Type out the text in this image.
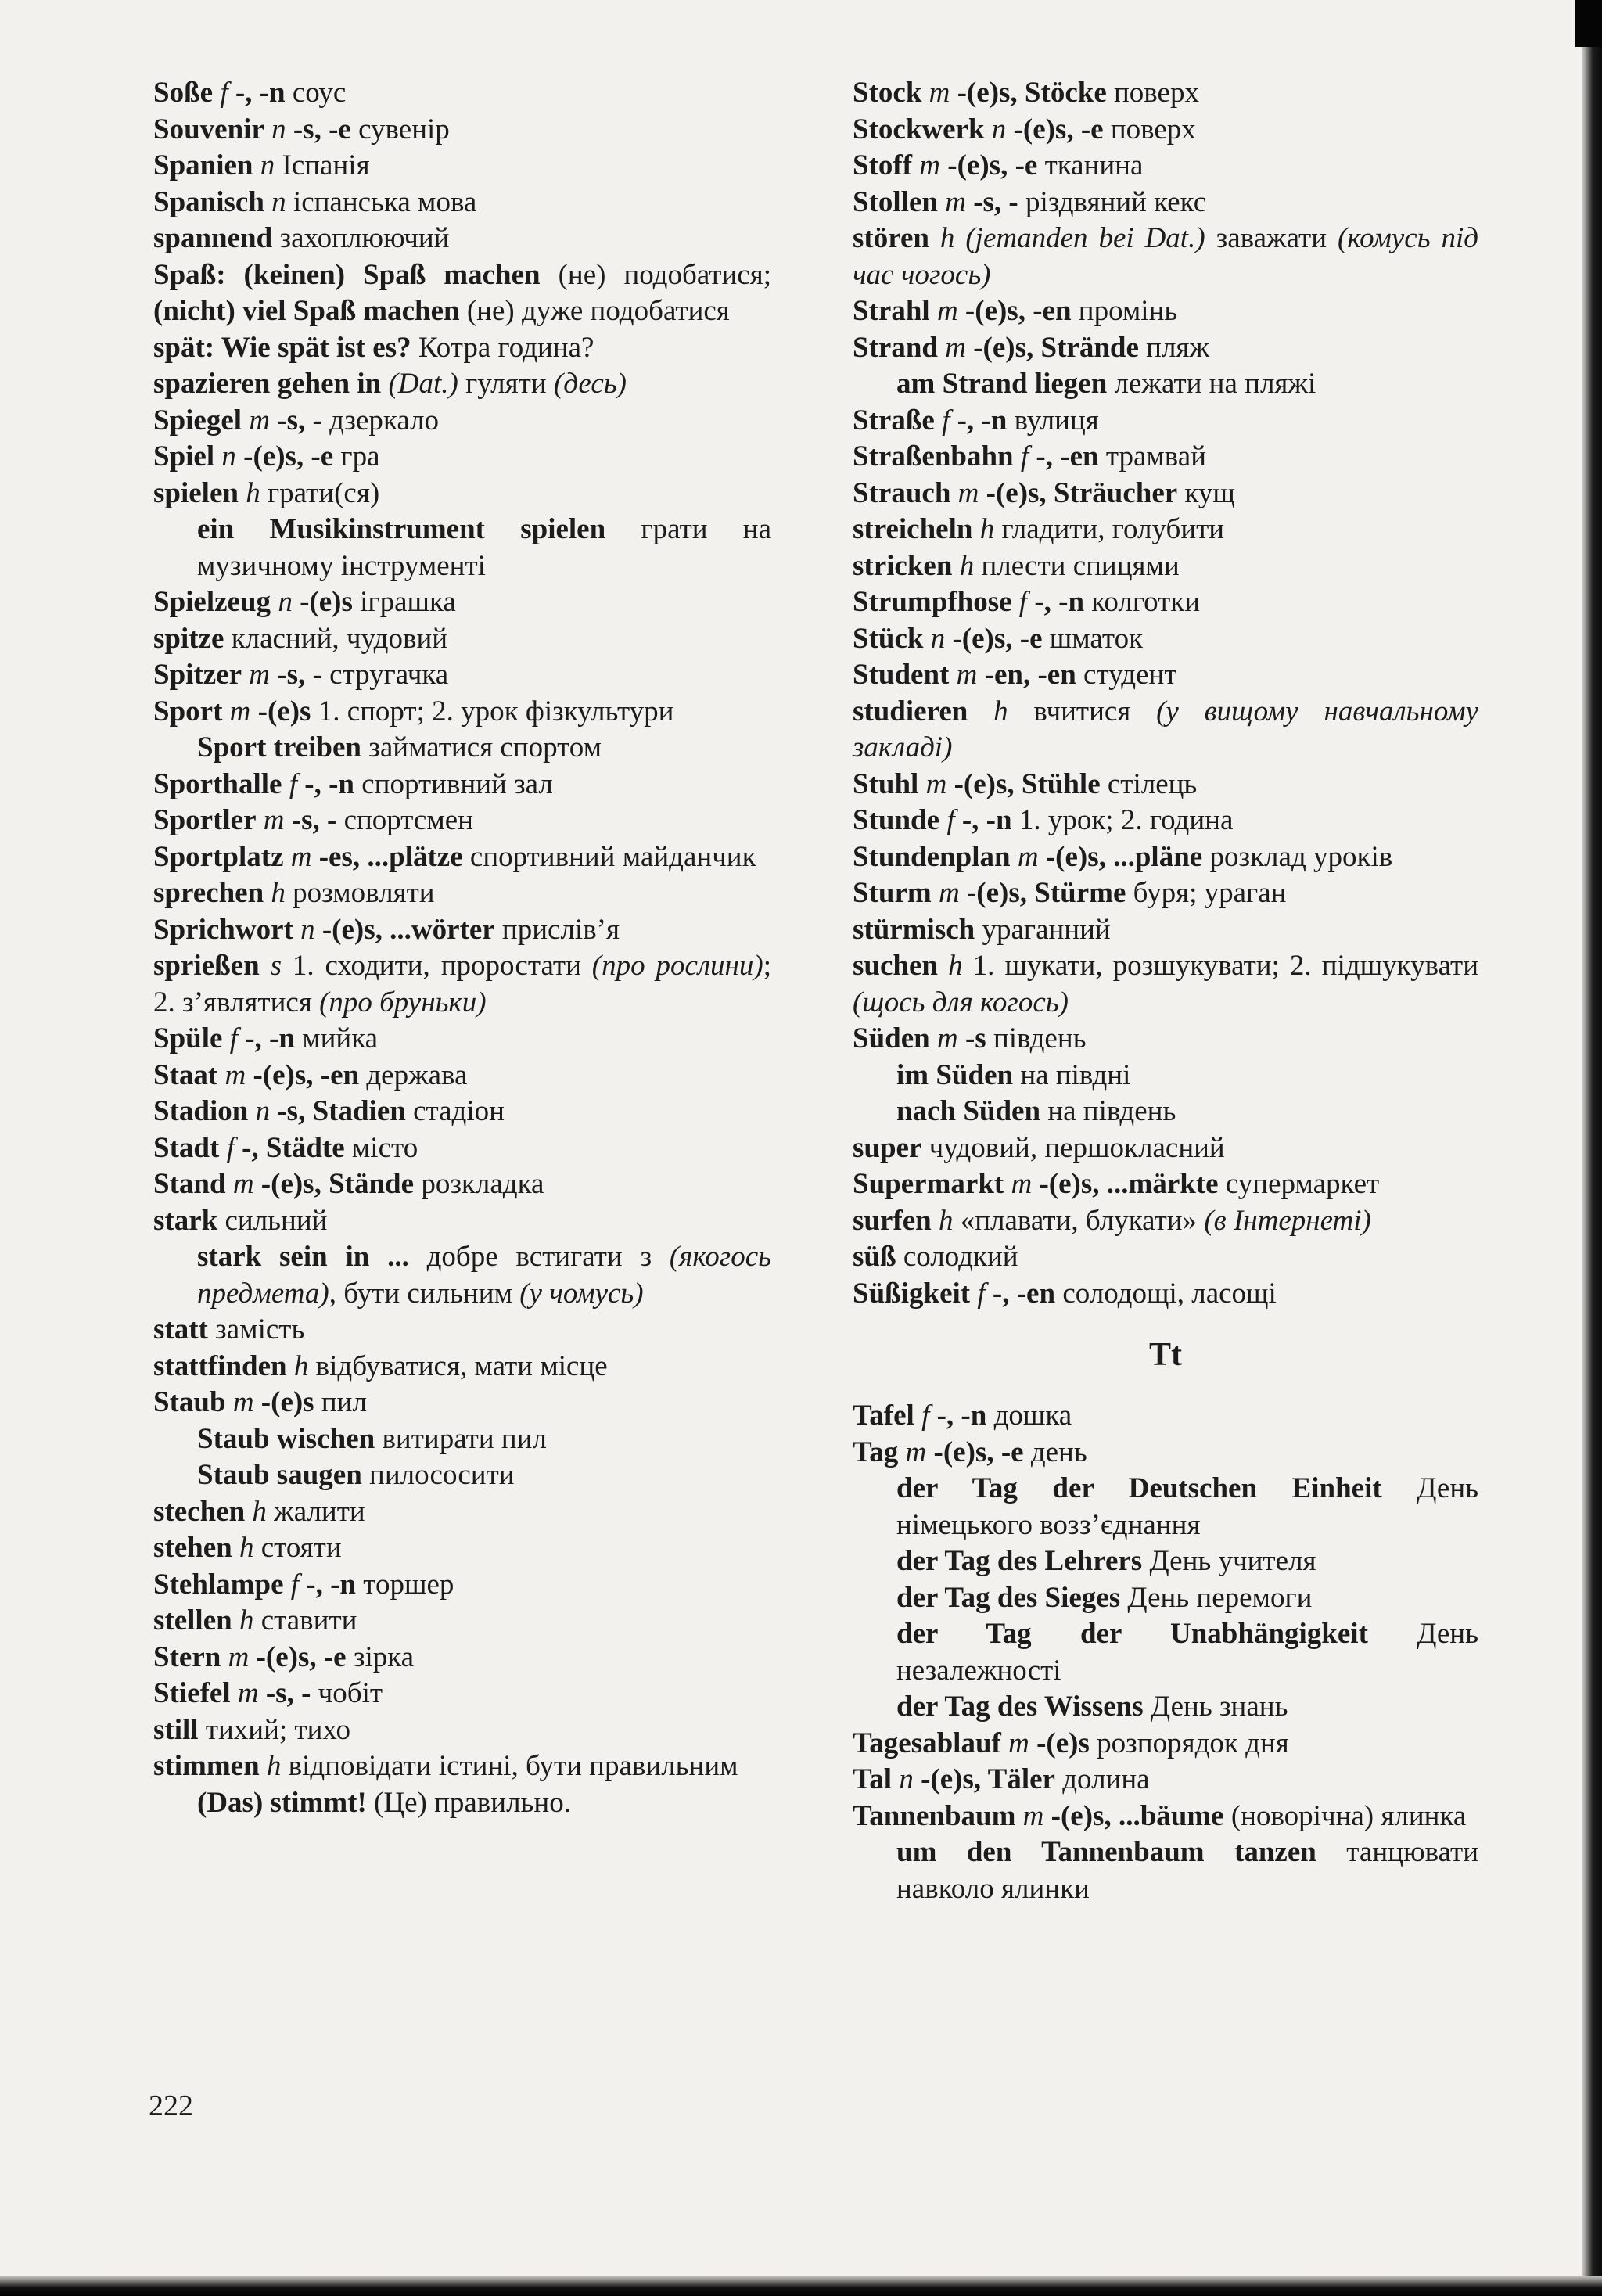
Soße f -, -n соус

Souvenir n -s, -e сувенір

Spanien n Іспанія

Spanisch n іспанська мова

spannend захоплюючий

Spaß: (keinen) Spaß machen (не) подобатися; (nicht) viel Spaß machen (не) дуже подобатися

spät: Wie spät ist es? Котра година?

spazieren gehen in (Dat.) гуляти (десь)

Spiegel m -s, - дзеркало

Spiel n -(e)s, -e гра

spielen h грати(ся)

ein Musikinstrument spielen грати на музичному інструменті

Spielzeug n -(e)s іграшка

spitze класний, чудовий

Spitzer m -s, - стругачка

Sport m -(e)s 1. спорт; 2. урок фізкультури

Sport treiben займатися спортом

Sporthalle f -, -n спортивний зал

Sportler m -s, - спортсмен

Sportplatz m -es, ...plätze спортивний майданчик

sprechen h розмовляти

Sprichwort n -(e)s, ...wörter прислів’я

sprießen s 1. сходити, проростати (про рослини); 2. з’являтися (про бруньки)

Spüle f -, -n мийка

Staat m -(e)s, -en держава

Stadion n -s, Stadien стадіон

Stadt f -, Städte місто

Stand m -(e)s, Stände розкладка

stark сильний

stark sein in ... добре встигати з (якогось предмета), бути сильним (у чомусь)

statt замість

stattfinden h відбуватися, мати місце

Staub m -(e)s пил

Staub wischen витирати пил

Staub saugen пилососити

stechen h жалити

stehen h стояти

Stehlampe f -, -n торшер

stellen h ставити

Stern m -(e)s, -e зірка

Stiefel m -s, - чобіт

still тихий; тихо

stimmen h відповідати істині, бути правильним

(Das) stimmt! (Це) правильно.

Stock m -(e)s, Stöcke поверх

Stockwerk n -(e)s, -e поверх

Stoff m -(e)s, -e тканина

Stollen m -s, - різдвяний кекс

stören h (jemanden bei Dat.) заважати (комусь під час чогось)

Strahl m -(e)s, -en промінь

Strand m -(e)s, Strände пляж

am Strand liegen лежати на пляжі

Straße f -, -n вулиця

Straßenbahn f -, -en трамвай

Strauch m -(e)s, Sträucher кущ

streicheln h гладити, голубити

stricken h плести спицями

Strumpfhose f -, -n колготки

Stück n -(e)s, -e шматок

Student m -en, -en студент

studieren h вчитися (у вищому навчальному закладі)

Stuhl m -(e)s, Stühle стілець

Stunde f -, -n 1. урок; 2. година

Stundenplan m -(e)s, ...pläne розклад уроків

Sturm m -(e)s, Stürme буря; ураган

stürmisch ураганний

suchen h 1. шукати, розшукувати; 2. підшукувати (щось для когось)

Süden m -s південь

im Süden на півдні

nach Süden на південь

super чудовий, першокласний

Supermarkt m -(e)s, ...märkte супермаркет

surfen h «плавати, блукати» (в Інтернеті)

süß солодкий

Süßigkeit f -, -en солодощі, ласощі

Tt

Tafel f -, -n дошка

Tag m -(e)s, -e день

der Tag der Deutschen Einheit День німецького возз’єднання

der Tag des Lehrers День учителя

der Tag des Sieges День перемоги

der Tag der Unabhängigkeit День незалежності

der Tag des Wissens День знань

Tagesablauf m -(e)s розпорядок дня

Tal n -(e)s, Täler долина

Tannenbaum m -(e)s, ...bäume (новорічна) ялинка

um den Tannenbaum tanzen танцювати навколо ялинки

222
